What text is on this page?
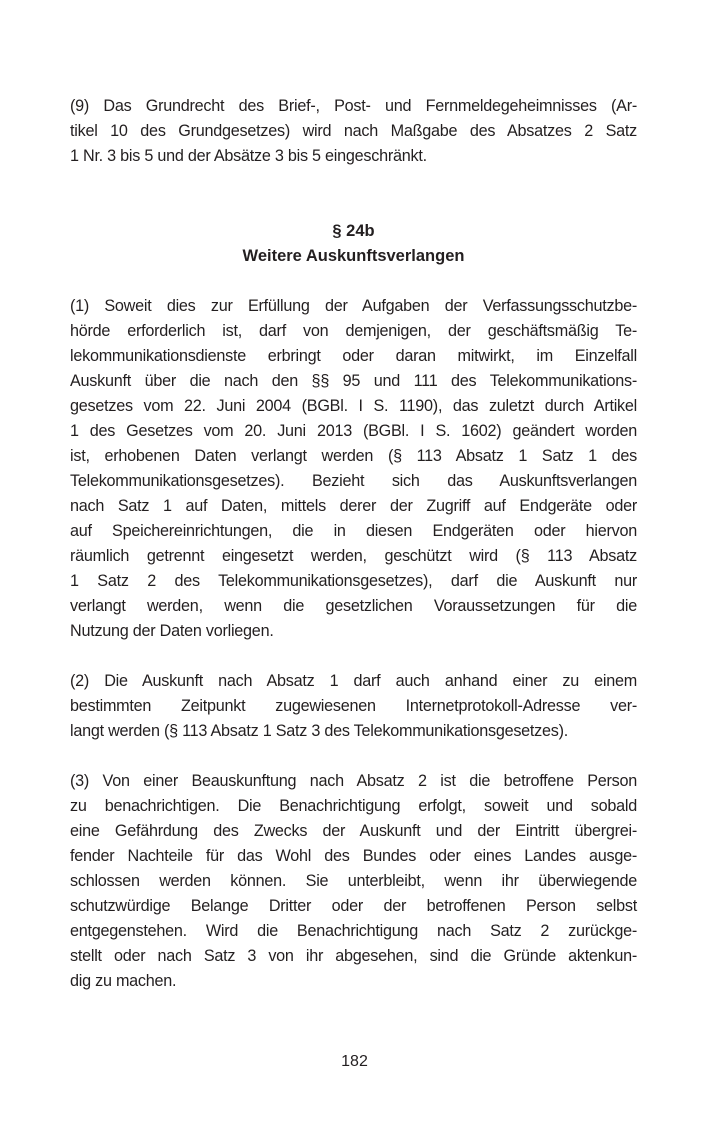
(9) Das Grundrecht des Brief-, Post- und Fernmeldegeheimnisses (Ar-
tikel 10 des Grundgesetzes) wird nach Maßgabe des Absatzes 2 Satz
1 Nr. 3 bis 5 und der Absätze 3 bis 5 eingeschränkt.
§ 24b
Weitere Auskunftsverlangen
(1) Soweit dies zur Erfüllung der Aufgaben der Verfassungsschutzbe-
hörde erforderlich ist, darf von demjenigen, der geschäftsmäßig Te-
lekommunikationsdienste erbringt oder daran mitwirkt, im Einzelfall
Auskunft über die nach den §§ 95 und 111 des Telekommunikations-
gesetzes vom 22. Juni 2004 (BGBl. I S. 1190), das zuletzt durch Artikel
1 des Gesetzes vom 20. Juni 2013 (BGBl. I S. 1602) geändert worden
ist, erhobenen Daten verlangt werden (§ 113 Absatz 1 Satz 1 des
Telekommunikationsgesetzes). Bezieht sich das Auskunftsverlangen
nach Satz 1 auf Daten, mittels derer der Zugriff auf Endgeräte oder
auf Speichereinrichtungen, die in diesen Endgeräten oder hiervon
räumlich getrennt eingesetzt werden, geschützt wird (§ 113 Absatz
1 Satz 2 des Telekommunikationsgesetzes), darf die Auskunft nur
verlangt werden, wenn die gesetzlichen Voraussetzungen für die
Nutzung der Daten vorliegen.
(2) Die Auskunft nach Absatz 1 darf auch anhand einer zu einem
bestimmten Zeitpunkt zugewiesenen Internetprotokoll-Adresse ver-
langt werden (§ 113 Absatz 1 Satz 3 des Telekommunikationsgesetzes).
(3) Von einer Beauskunftung nach Absatz 2 ist die betroffene Person
zu benachrichtigen. Die Benachrichtigung erfolgt, soweit und sobald
eine Gefährdung des Zwecks der Auskunft und der Eintritt übergrei-
fender Nachteile für das Wohl des Bundes oder eines Landes ausge-
schlossen werden können. Sie unterbleibt, wenn ihr überwiegende
schutzwürdige Belange Dritter oder der betroffenen Person selbst
entgegenstehen. Wird die Benachrichtigung nach Satz 2 zurückge-
stellt oder nach Satz 3 von ihr abgesehen, sind die Gründe aktenkun-
dig zu machen.
182
